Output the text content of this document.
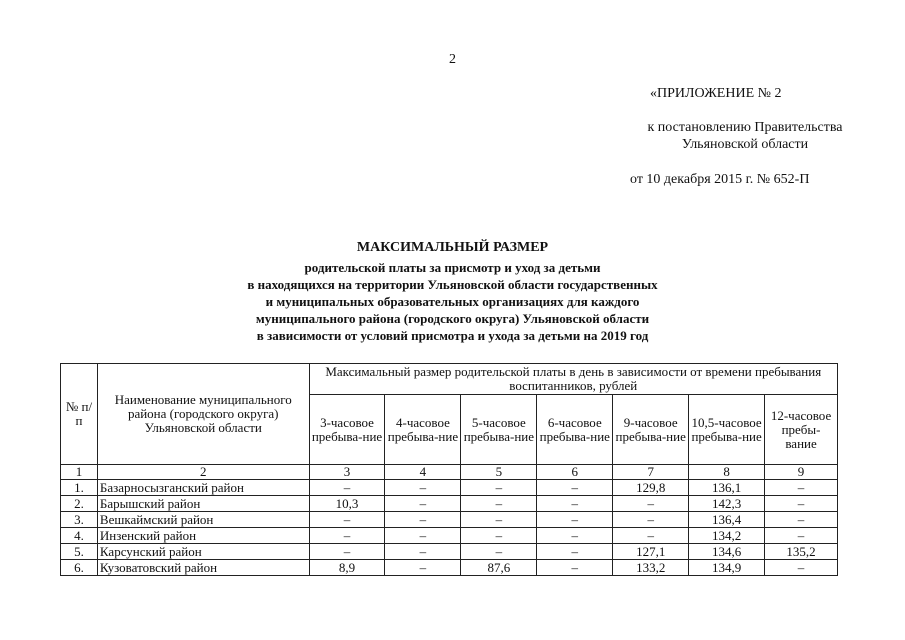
2
«ПРИЛОЖЕНИЕ № 2
к постановлению Правительства
Ульяновской области
от 10 декабря 2015 г. № 652-П
МАКСИМАЛЬНЫЙ РАЗМЕР
родительской платы за присмотр и уход за детьми
в находящихся на территории Ульяновской области государственных
и муниципальных образовательных организациях для каждого
муниципального района (городского округа) Ульяновской области
в зависимости от условий присмотра и ухода за детьми на 2019 год
№ п/п	Наименование муниципального района (городского округа) Ульяновской области	Максимальный размер родительской платы в день в зависимости от времени пребывания воспитанников, рублей						
		3-часовое пребыва-ние	4-часовое пребыва-ние	5-часовое пребыва-ние	6-часовое пребыва-ние	9-часовое пребыва-ние	10,5-часовое пребыва-ние	12-часовое пребы-вание
1	2	3	4	5	6	7	8	9
1.	Базарносызганский район	–	–	–	–	129,8	136,1	–
2.	Барышский район	10,3	–	–	–	–	142,3	–
3.	Вешкаймский район	–	–	–	–	–	136,4	–
4.	Инзенский район	–	–	–	–	–	134,2	–
5.	Карсунский район	–	–	–	–	127,1	134,6	135,2
6.	Кузоватовский район	8,9	–	87,6	–	133,2	134,9	–
